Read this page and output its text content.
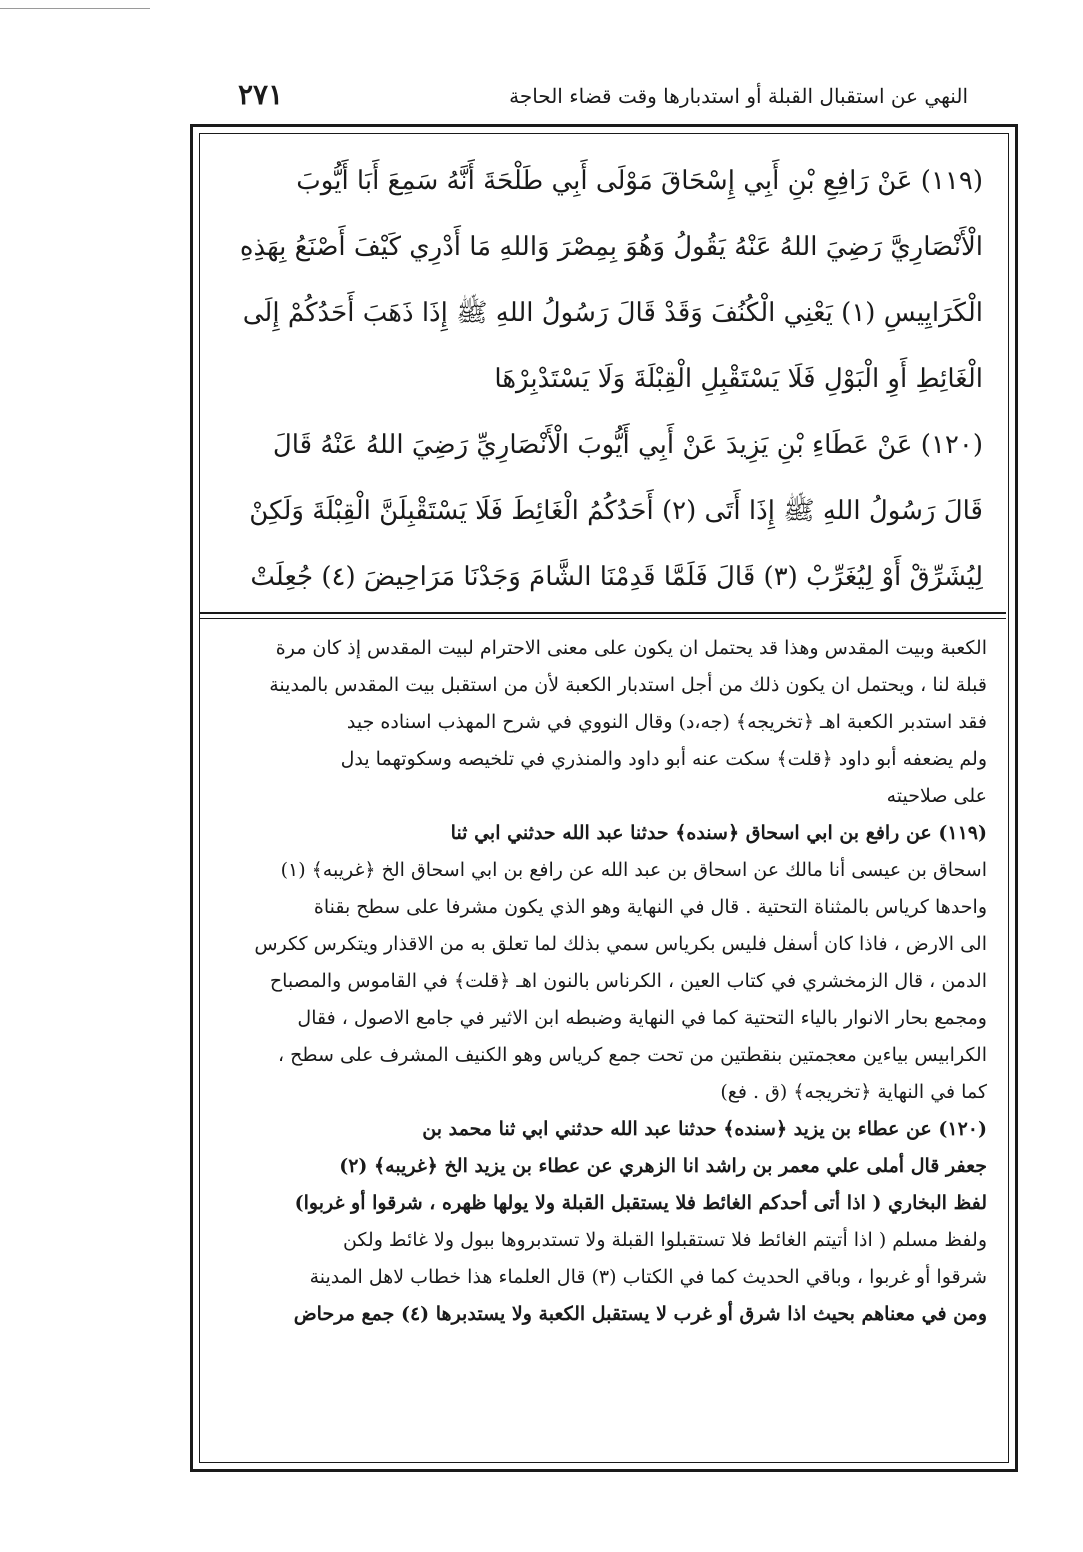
٢٧١	النهي عن استقبال القبلة أو استدبارها وقت قضاء الحاجة
(١١٩) عَنْ رَافِعِ بْنِ أَبِي إِسْحَاقَ مَوْلَى أَبِي طَلْحَةَ أَنَّهُ سَمِعَ أَبَا أَيُّوبَ
الْأَنْصَارِيَّ رَضِيَ اللهُ عَنْهُ يَقُولُ وَهُوَ بِمِصْرَ وَاللهِ مَا أَدْرِي كَيْفَ أَصْنَعُ بِهَذِهِ
الْكَرَايِيسِ (١) يَعْنِي الْكُنُفَ وَقَدْ قَالَ رَسُولُ اللهِ ﷺ إِذَا ذَهَبَ أَحَدُكُمْ إِلَى
الْغَائِطِ أَوِ الْبَوْلِ فَلَا يَسْتَقْبِلِ الْقِبْلَةَ وَلَا يَسْتَدْبِرْهَا
(١٢٠) عَنْ عَطَاءِ بْنِ يَزِيدَ عَنْ أَبِي أَيُّوبَ الْأَنْصَارِيِّ رَضِيَ اللهُ عَنْهُ قَالَ
قَالَ رَسُولُ اللهِ ﷺ إِذَا أَتَى (٢) أَحَدُكُمُ الْغَائِطَ فَلَا يَسْتَقْبِلَنَّ الْقِبْلَةَ وَلَكِنْ
لِيُشَرِّقْ أَوْ لِيُغَرِّبْ (٣) قَالَ فَلَمَّا قَدِمْنَا الشَّامَ وَجَدْنَا مَرَاحِيضَ (٤) جُعِلَتْ
الكعبة وبيت المقدس وهذا قد يحتمل ان يكون على معنى الاحترام لبيت المقدس إذ كان مرة
قبلة لنا ، ويحتمل ان يكون ذلك من أجل استدبار الكعبة لأن من استقبل بيت المقدس بالمدينة
فقد استدبر الكعبة اهـ ﴿تخريجه﴾ (جه،د) وقال النووي في شرح المهذب اسناده جيد
ولم يضعفه أبو داود ﴿قلت﴾ سكت عنه أبو داود والمنذري في تلخيصه وسكوتهما يدل
على صلاحيته
(١١٩) عن رافع بن ابي اسحاق ﴿سنده﴾ حدثنا عبد الله حدثني ابي ثنا
اسحاق بن عيسى أنا مالك عن اسحاق بن عبد الله عن رافع بن ابي اسحاق الخ ﴿غريبه﴾ (١)
واحدها كرياس بالمثناة التحتية . قال في النهاية وهو الذي يكون مشرفا على سطح بقناة
الى الارض ، فاذا كان أسفل فليس بكرياس سمي بذلك لما تعلق به من الاقذار ويتكرس ككرس
الدمن ، قال الزمخشري في كتاب العين ، الكرناس بالنون اهـ ﴿قلت﴾ في القاموس والمصباح
ومجمع بحار الانوار بالياء التحتية كما في النهاية وضبطه ابن الاثير في جامع الاصول ، فقال
الكرابيس بياءين معجمتين بنقطتين من تحت جمع كرياس وهو الكنيف المشرف على سطح ،
كما في النهاية ﴿تخريجه﴾ (ق . فع)
(١٢٠) عن عطاء بن يزيد ﴿سنده﴾ حدثنا عبد الله حدثني ابي ثنا محمد بن
جعفر قال أملى علي معمر بن راشد انا الزهري عن عطاء بن يزيد الخ ﴿غريبه﴾ (٢)
لفظ البخاري ( اذا أتى أحدكم الغائط فلا يستقبل القبلة ولا يولها ظهره ، شرقوا أو غربوا)
ولفظ مسلم ( اذا أتيتم الغائط فلا تستقبلوا القبلة ولا تستدبروها ببول ولا غائط ولكن
شرقوا أو غربوا ، وباقي الحديث كما في الكتاب (٣) قال العلماء هذا خطاب لاهل المدينة
ومن في معناهم بحيث اذا شرق أو غرب لا يستقبل الكعبة ولا يستدبرها (٤) جمع مرحاض
